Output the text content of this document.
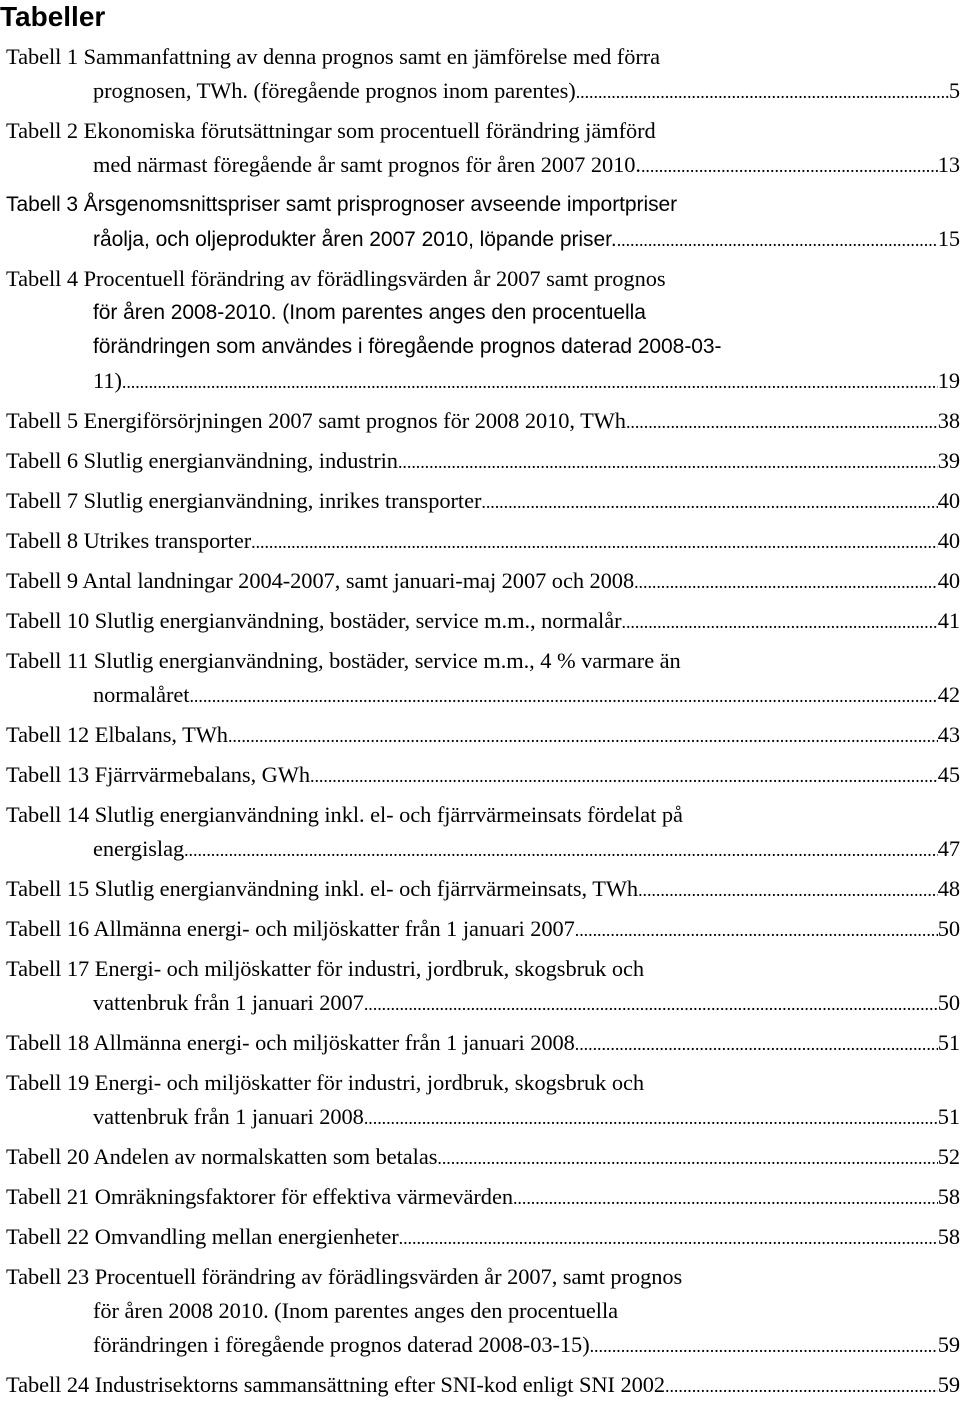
Tabeller
Tabell 1 Sammanfattning av denna prognos samt en jämförelse med förra
prognosen, TWh. (föregående prognos inom parentes) .....	5
Tabell 2 Ekonomiska förutsättningar som procentuell förändring jämförd
med närmast föregående år samt prognos för åren 2007 2010. .....	13
Tabell 3 Årsgenomsnittspriser samt prisprognoser avseende importpriser
råolja, och oljeprodukter åren 2007 2010, löpande priser. .....	15
Tabell 4 Procentuell förändring av förädlingsvärden år 2007 samt prognos
för åren 2008-2010. (Inom parentes anges den procentuella
förändringen som användes i föregående prognos daterad 2008-03-
11) .....	19
Tabell 5 Energiförsörjningen 2007 samt prognos för 2008 2010, TWh .....	38
Tabell 6 Slutlig energianvändning, industrin .....	39
Tabell 7 Slutlig energianvändning, inrikes transporter .....	40
Tabell 8 Utrikes transporter .....	40
Tabell 9 Antal landningar 2004-2007, samt januari-maj 2007 och 2008 .....	40
Tabell 10 Slutlig energianvändning, bostäder, service m.m., normalår .....	41
Tabell 11 Slutlig energianvändning, bostäder, service m.m., 4 % varmare än
normalåret .....	42
Tabell 12 Elbalans, TWh .....	43
Tabell 13 Fjärrvärmebalans, GWh .....	45
Tabell 14 Slutlig energianvändning inkl. el- och fjärrvärmeinsats fördelat på
energislag .....	47
Tabell 15 Slutlig energianvändning inkl. el- och fjärrvärmeinsats, TWh .....	48
Tabell 16 Allmänna energi- och miljöskatter från 1 januari 2007 .....	50
Tabell 17 Energi- och miljöskatter för industri, jordbruk, skogsbruk och
vattenbruk från 1 januari 2007 .....	50
Tabell 18 Allmänna energi- och miljöskatter från 1 januari 2008 .....	51
Tabell 19 Energi- och miljöskatter för industri, jordbruk, skogsbruk och
vattenbruk från 1 januari 2008 .....	51
Tabell 20 Andelen av normalskatten som betalas .....	52
Tabell 21 Omräkningsfaktorer för effektiva värmevärden .....	58
Tabell 22 Omvandling mellan energienheter .....	58
Tabell 23 Procentuell förändring av förädlingsvärden år 2007, samt prognos
för åren 2008 2010. (Inom parentes anges den procentuella
förändringen i föregående prognos daterad 2008-03-15) .....	59
Tabell 24 Industrisektorns sammansättning efter SNI-kod enligt SNI 2002 .....	59
